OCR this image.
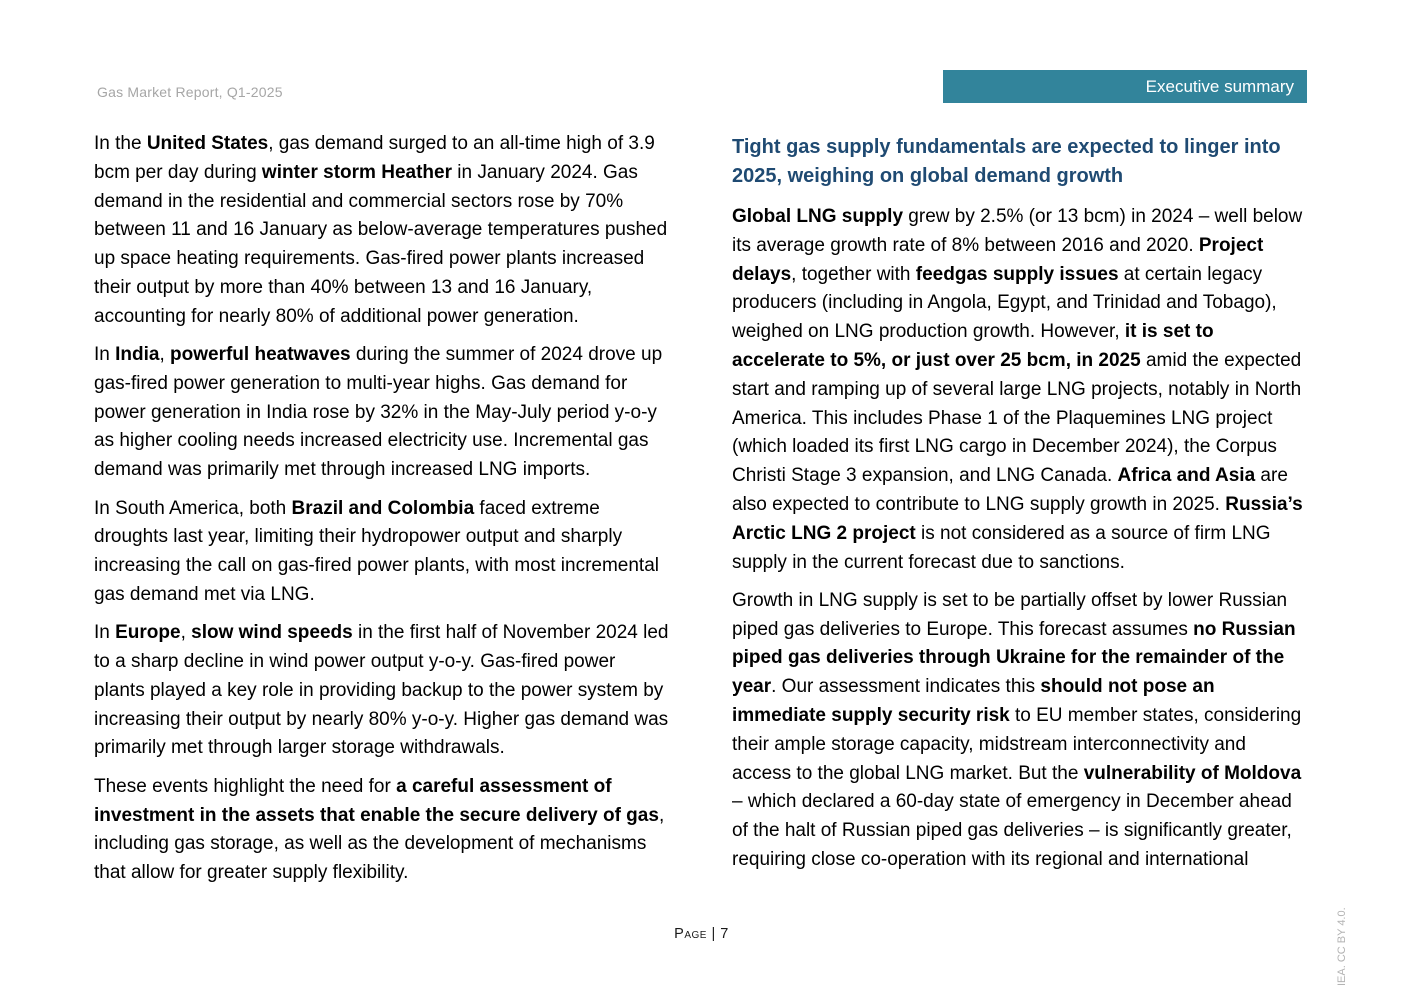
Gas Market Report, Q1-2025	Executive summary

In the United States, gas demand surged to an all-time high of 3.9 bcm per day during winter storm Heather in January 2024. Gas demand in the residential and commercial sectors rose by 70% between 11 and 16 January as below-average temperatures pushed up space heating requirements. Gas-fired power plants increased their output by more than 40% between 13 and 16 January, accounting for nearly 80% of additional power generation.

In India, powerful heatwaves during the summer of 2024 drove up gas-fired power generation to multi-year highs. Gas demand for power generation in India rose by 32% in the May-July period y-o-y as higher cooling needs increased electricity use. Incremental gas demand was primarily met through increased LNG imports.

In South America, both Brazil and Colombia faced extreme droughts last year, limiting their hydropower output and sharply increasing the call on gas-fired power plants, with most incremental gas demand met via LNG.

In Europe, slow wind speeds in the first half of November 2024 led to a sharp decline in wind power output y-o-y. Gas-fired power plants played a key role in providing backup to the power system by increasing their output by nearly 80% y-o-y. Higher gas demand was primarily met through larger storage withdrawals.

These events highlight the need for a careful assessment of investment in the assets that enable the secure delivery of gas, including gas storage, as well as the development of mechanisms that allow for greater supply flexibility.

Tight gas supply fundamentals are expected to linger into 2025, weighing on global demand growth

Global LNG supply grew by 2.5% (or 13 bcm) in 2024 – well below its average growth rate of 8% between 2016 and 2020. Project delays, together with feedgas supply issues at certain legacy producers (including in Angola, Egypt, and Trinidad and Tobago), weighed on LNG production growth. However, it is set to accelerate to 5%, or just over 25 bcm, in 2025 amid the expected start and ramping up of several large LNG projects, notably in North America. This includes Phase 1 of the Plaquemines LNG project (which loaded its first LNG cargo in December 2024), the Corpus Christi Stage 3 expansion, and LNG Canada. Africa and Asia are also expected to contribute to LNG supply growth in 2025. Russia’s Arctic LNG 2 project is not considered as a source of firm LNG supply in the current forecast due to sanctions.

Growth in LNG supply is set to be partially offset by lower Russian piped gas deliveries to Europe. This forecast assumes no Russian piped gas deliveries through Ukraine for the remainder of the year. Our assessment indicates this should not pose an immediate supply security risk to EU member states, considering their ample storage capacity, midstream interconnectivity and access to the global LNG market. But the vulnerability of Moldova – which declared a 60-day state of emergency in December ahead of the halt of Russian piped gas deliveries – is significantly greater, requiring close co-operation with its regional and international

Page | 7	IEA. CC BY 4.0.
